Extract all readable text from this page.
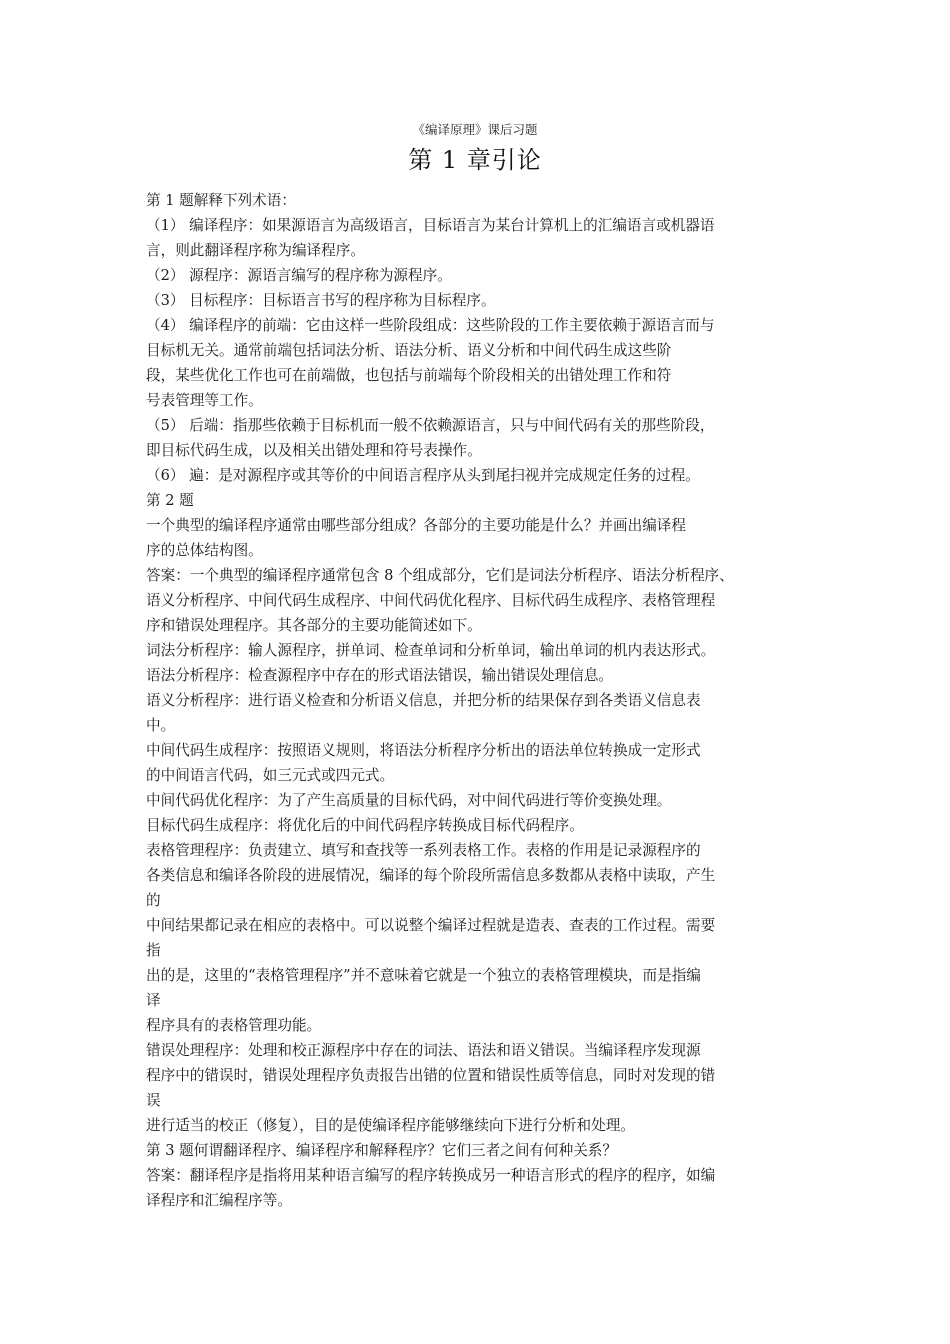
《编译原理》课后习题
第 1 章引论
第 1 题解释下列术语：
（1） 编译程序：如果源语言为高级语言，目标语言为某台计算机上的汇编语言或机器语
言，则此翻译程序称为编译程序。
（2） 源程序：源语言编写的程序称为源程序。
（3） 目标程序：目标语言书写的程序称为目标程序。
（4） 编译程序的前端：它由这样一些阶段组成：这些阶段的工作主要依赖于源语言而与
目标机无关。通常前端包括词法分析、语法分析、语义分析和中间代码生成这些阶
段，某些优化工作也可在前端做，也包括与前端每个阶段相关的出错处理工作和符
号表管理等工作。
（5） 后端：指那些依赖于目标机而一般不依赖源语言，只与中间代码有关的那些阶段，
即目标代码生成，以及相关出错处理和符号表操作。
（6） 遍：是对源程序或其等价的中间语言程序从头到尾扫视并完成规定任务的过程。
第 2 题
一个典型的编译程序通常由哪些部分组成？各部分的主要功能是什么？并画出编译程
序的总体结构图。
答案：一个典型的编译程序通常包含 8 个组成部分，它们是词法分析程序、语法分析程序、
语义分析程序、中间代码生成程序、中间代码优化程序、目标代码生成程序、表格管理程
序和错误处理程序。其各部分的主要功能简述如下。
词法分析程序：输人源程序，拼单词、检查单词和分析单词，输出单词的机内表达形式。
语法分析程序：检查源程序中存在的形式语法错误，输出错误处理信息。
语义分析程序：进行语义检查和分析语义信息，并把分析的结果保存到各类语义信息表
中。
中间代码生成程序：按照语义规则，将语法分析程序分析出的语法单位转换成一定形式
的中间语言代码，如三元式或四元式。
中间代码优化程序：为了产生高质量的目标代码，对中间代码进行等价变换处理。
目标代码生成程序：将优化后的中间代码程序转换成目标代码程序。
表格管理程序：负责建立、填写和查找等一系列表格工作。表格的作用是记录源程序的
各类信息和编译各阶段的进展情况，编译的每个阶段所需信息多数都从表格中读取，产生
的
中间结果都记录在相应的表格中。可以说整个编译过程就是造表、查表的工作过程。需要
指
出的是，这里的“表格管理程序”并不意味着它就是一个独立的表格管理模块，而是指编
译
程序具有的表格管理功能。
错误处理程序：处理和校正源程序中存在的词法、语法和语义错误。当编译程序发现源
程序中的错误时，错误处理程序负责报告出错的位置和错误性质等信息，同时对发现的错
误
进行适当的校正（修复），目的是使编译程序能够继续向下进行分析和处理。
第 3 题何谓翻译程序、编译程序和解释程序？它们三者之间有何种关系？
答案：翻译程序是指将用某种语言编写的程序转换成另一种语言形式的程序的程序，如编
译程序和汇编程序等。
